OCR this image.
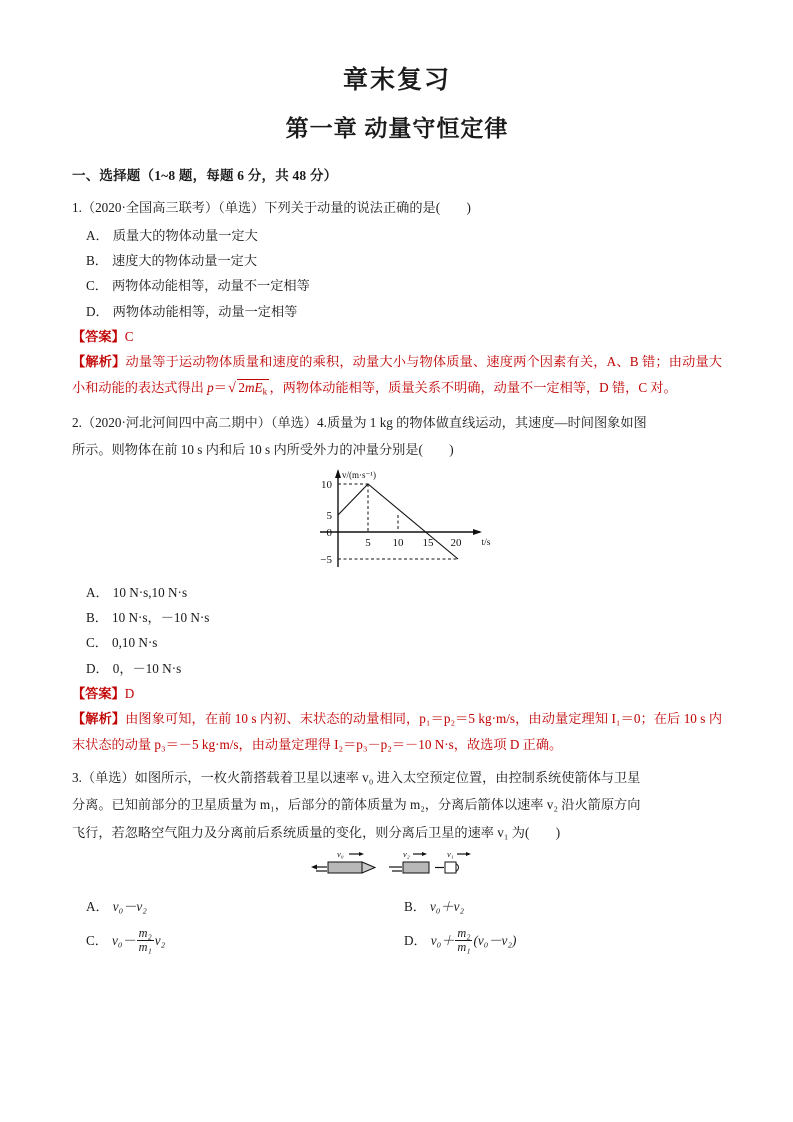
章末复习
第一章 动量守恒定律
一、选择题（1~8 题，每题 6 分，共 48 分）
1.（2020·全国高三联考）（单选）下列关于动量的说法正确的是(　　)
A． 质量大的物体动量一定大
B． 速度大的物体动量一定大
C． 两物体动能相等，动量不一定相等
D． 两物体动能相等，动量一定相等
【答案】C
【解析】动量等于运动物体质量和速度的乘积，动量大小与物体质量、速度两个因素有关，A、B 错；由动量大小和动能的表达式得出 p＝√ $2mE_k$ ，两物体动能相等，质量关系不明确，动量不一定相等，D 错，C 对。
2.（2020·河北河间四中高二期中）（单选）4.质量为 1 kg 的物体做直线运动，其速度—时间图象如图
所示。则物体在前 10 s 内和后 10 s 内所受外力的冲量分别是(　　)
10
5
0
−5
5 10 15 20
v/(m·s⁻¹)
t/s
A． 10 N·s,10 N·s
B． 10 N·s，－10 N·s
C． 0,10 N·s
D． 0，－10 N·s
【答案】D
【解析】由图象可知，在前 10 s 内初、末状态的动量相同，p₁＝p₂＝5 kg·m/s，由动量定理知 I₁＝0；在后 10 s 内末状态的动量 p₃＝－5 kg·m/s，由动量定理得 I₂＝p₃－p₂＝－10 N·s，故选项 D 正确。
3.（单选）如图所示，一枚火箭搭载着卫星以速率 v₀ 进入太空预定位置，由控制系统使箭体与卫星
分离。已知前部分的卫星质量为 m₁，后部分的箭体质量为 m₂，分离后箭体以速率 v₂ 沿火箭原方向
飞行，若忽略空气阻力及分离前后系统质量的变化，则分离后卫星的速率 v₁ 为(　　)
v₀	v₂	v₁
A． v₀－v₂	B． v₀＋v₂
C． $v_0- \frac{\text{m₂}}{\text{m₁}} v_2$	D． $v_0+ \frac{\text{m₂}}{\text{m₁}} (v_0-v_2)$
